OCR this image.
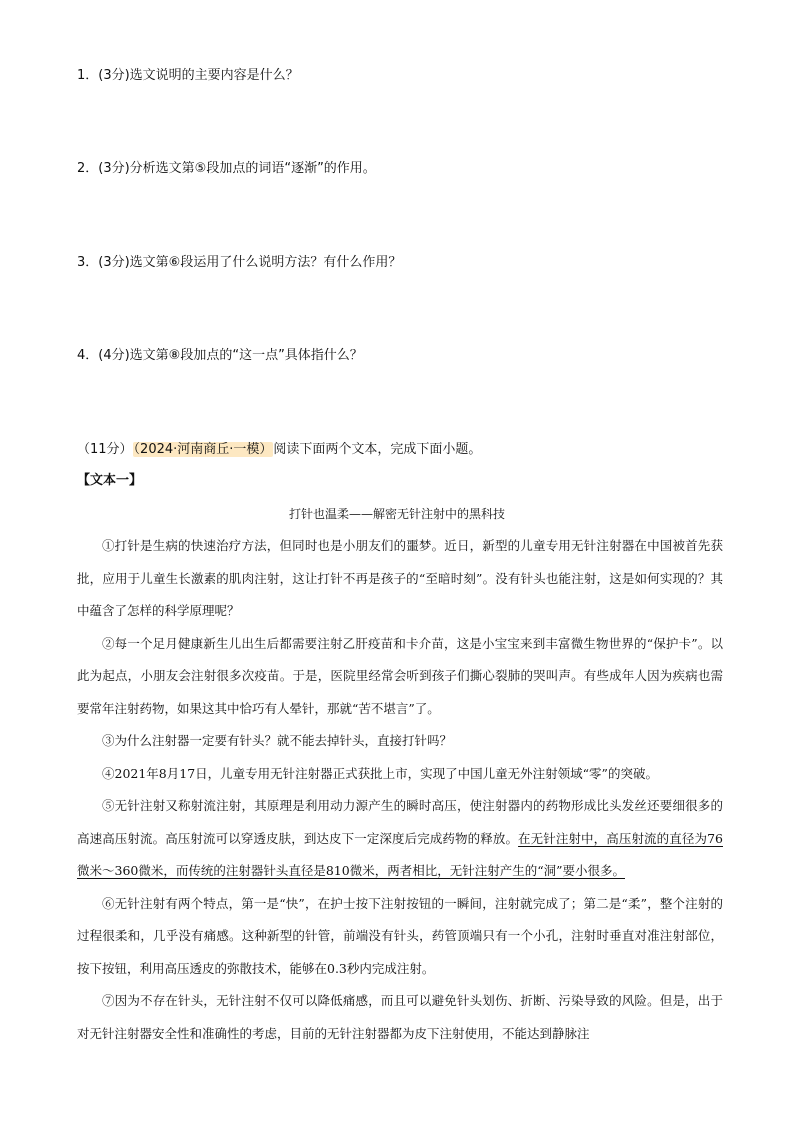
1．(3分)选文说明的主要内容是什么？
2．(3分)分析选文第⑤段加点的词语“逐渐”的作用。
3．(3分)选文第⑥段运用了什么说明方法？有什么作用？
4．(4分)选文第⑧段加点的“这一点”具体指什么？
（11分）（2024·河南商丘·一模）阅读下面两个文本，完成下面小题。
【文本一】
打针也温柔——解密无针注射中的黑科技

①打针是生病的快速治疗方法，但同时也是小朋友们的噩梦。近日，新型的儿童专用无针注射器在中国被首先获批，应用于儿童生长激素的肌肉注射，这让打针不再是孩子的“至暗时刻”。没有针头也能注射，这是如何实现的？其中蕴含了怎样的科学原理呢？

②每一个足月健康新生儿出生后都需要注射乙肝疫苗和卡介苗，这是小宝宝来到丰富微生物世界的“保护卡”。以此为起点，小朋友会注射很多次疫苗。于是，医院里经常会听到孩子们撕心裂肺的哭叫声。有些成年人因为疾病也需要常年注射药物，如果这其中恰巧有人晕针，那就“苦不堪言”了。

③为什么注射器一定要有针头？就不能去掉针头，直接打针吗？

④2021年8月17日，儿童专用无针注射器正式获批上市，实现了中国儿童无外注射领域“零”的突破。

⑤无针注射又称射流注射，其原理是利用动力源产生的瞬时高压，使注射器内的药物形成比头发丝还要细很多的高速高压射流。高压射流可以穿透皮肤，到达皮下一定深度后完成药物的释放。在无针注射中，高压射流的直径为76微米～360微米，而传统的注射器针头直径是810微米，两者相比，无针注射产生的“洞”要小很多。

⑥无针注射有两个特点，第一是“快”，在护士按下注射按钮的一瞬间，注射就完成了；第二是“柔”，整个注射的过程很柔和，几乎没有痛感。这种新型的针管，前端没有针头，药管顶端只有一个小孔，注射时垂直对准注射部位，按下按钮，利用高压透皮的弥散技术，能够在0.3秒内完成注射。

⑦因为不存在针头，无针注射不仅可以降低痛感，而且可以避免针头划伤、折断、污染导致的风险。但是，出于对无针注射器安全性和准确性的考虑，目前的无针注射器都为皮下注射使用，不能达到静脉注
